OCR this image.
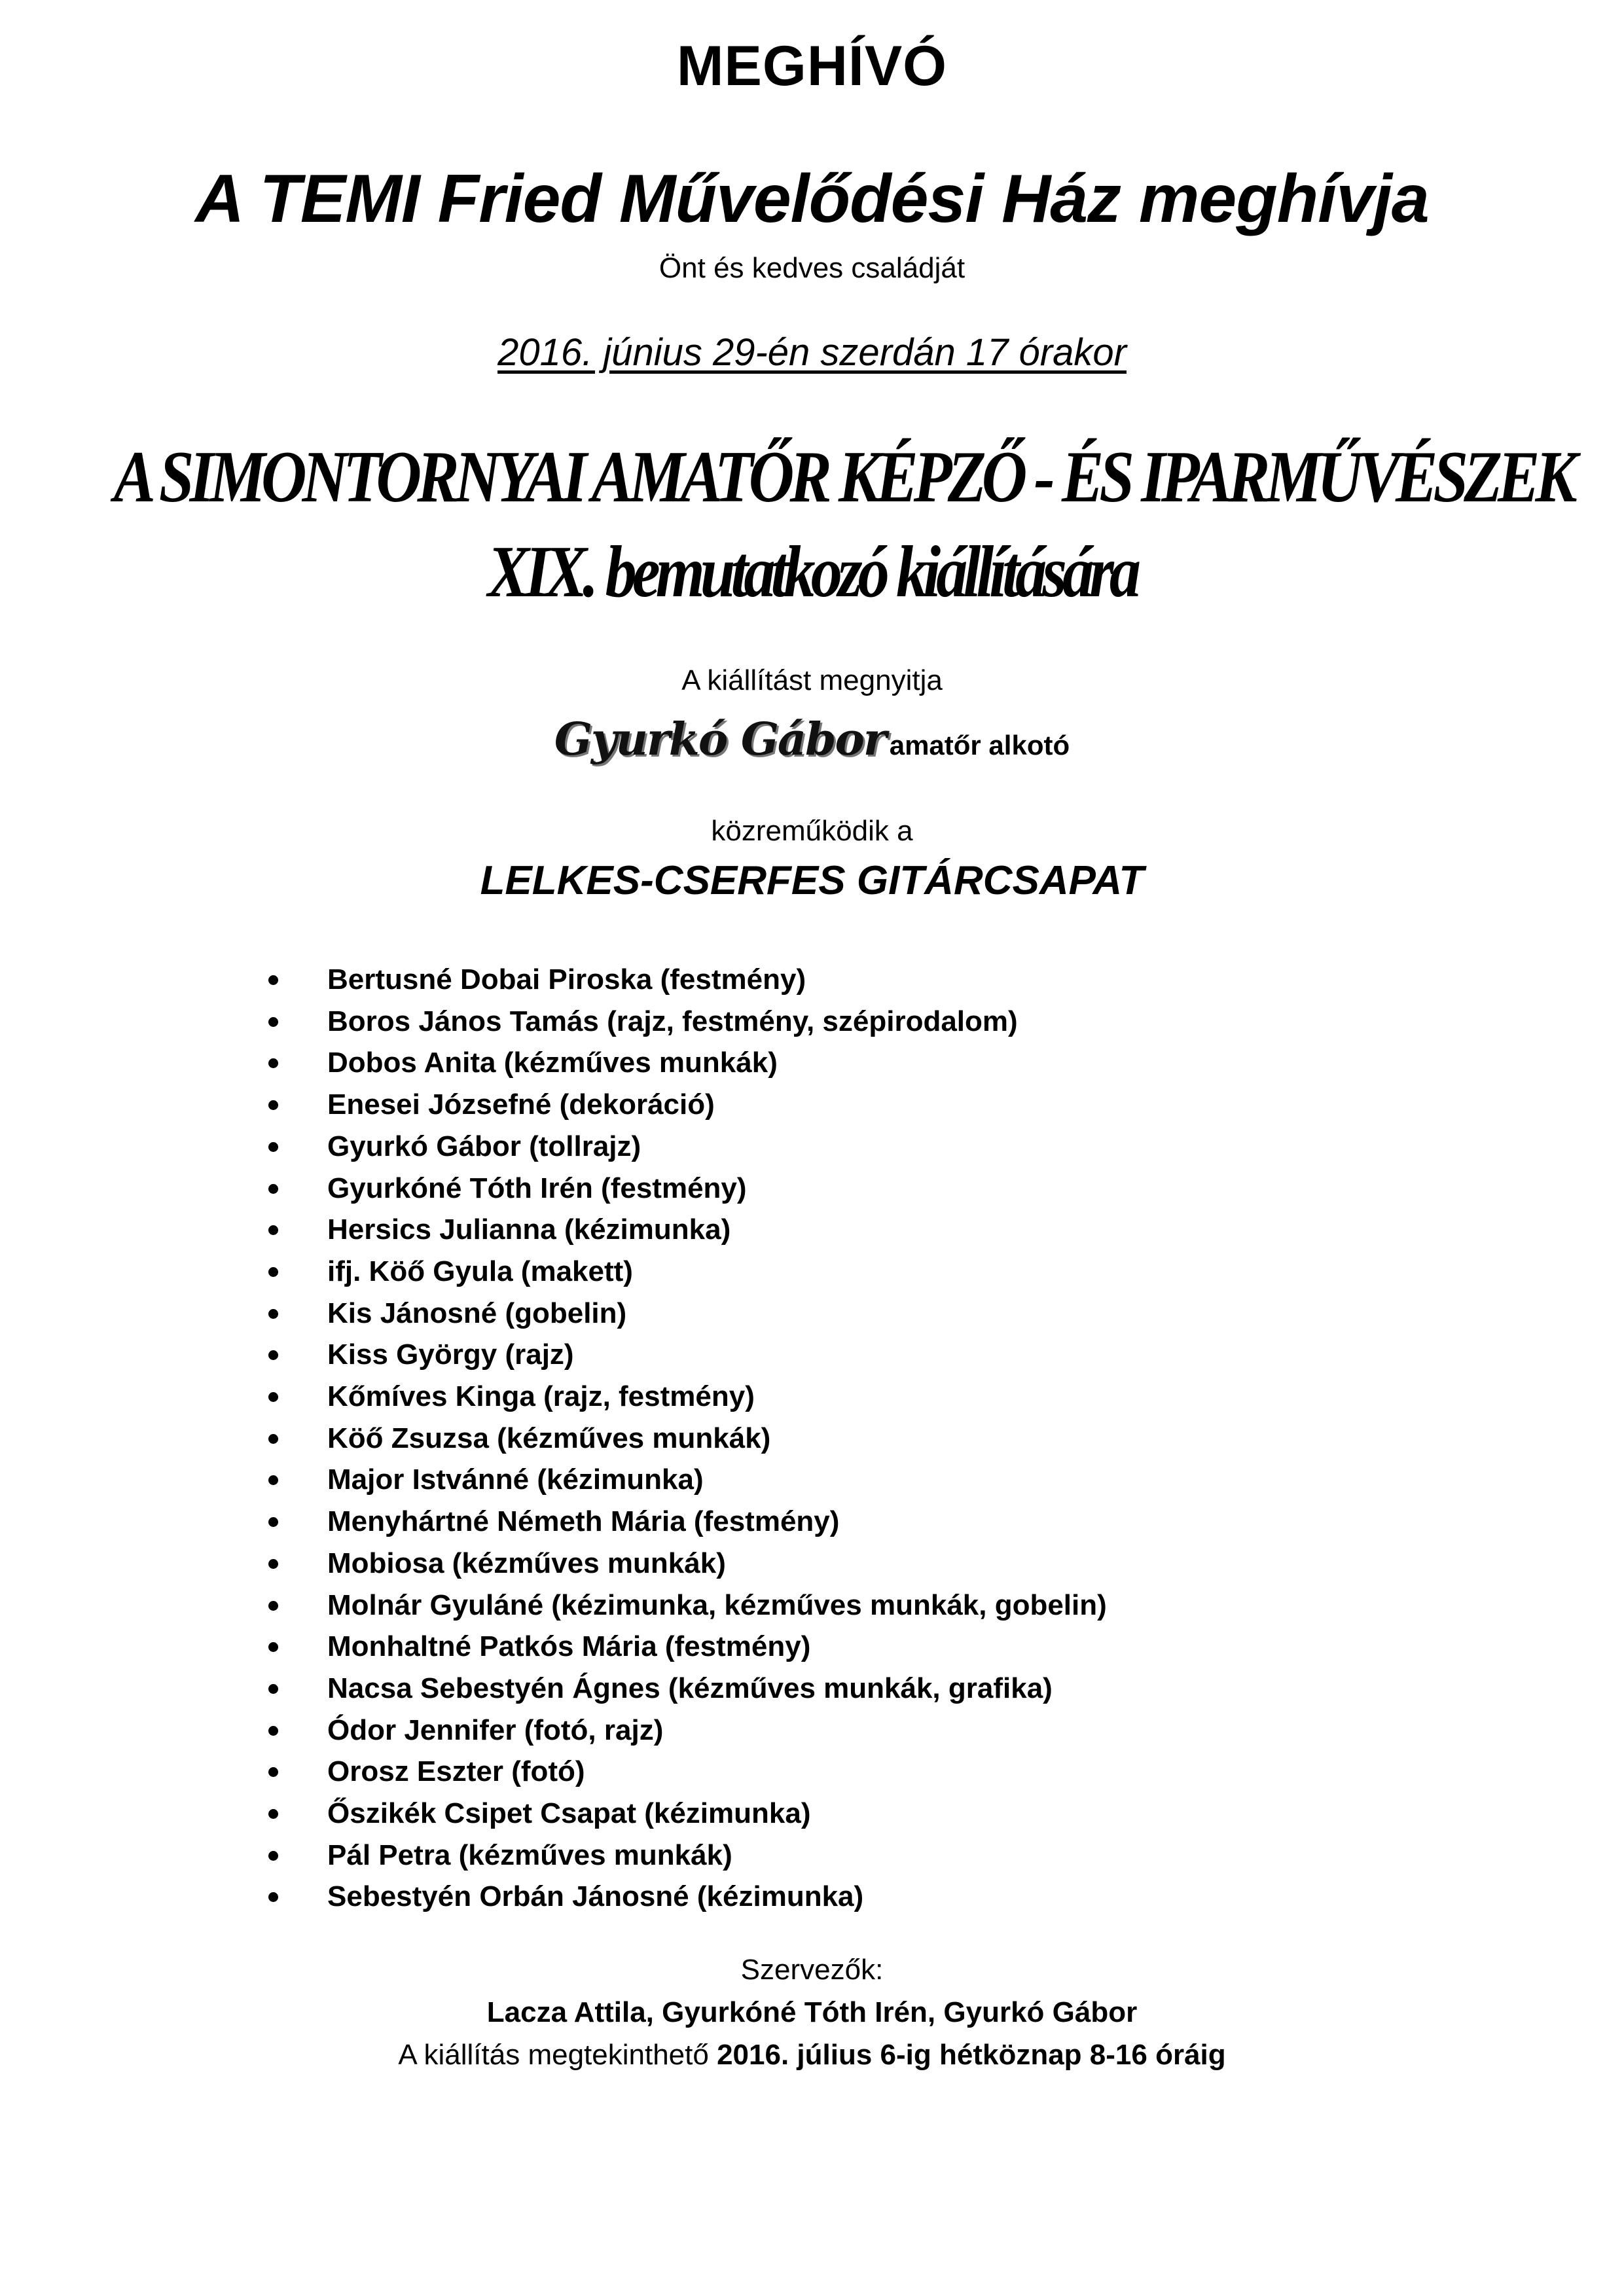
MEGHÍVÓ
A TEMI Fried Művelődési Ház meghívja
Önt és kedves családját
2016. június 29-én szerdán 17 órakor
A SIMONTORNYAI AMATŐR KÉPZŐ - ÉS IPARMŰVÉSZEK
XIX. bemutatkozó kiállítására
A kiállítást megnyitja
Gyurkó Gábor amatőr alkotó
közreműködik a
LELKES-CSERFES GITÁRCSAPAT
Bertusné Dobai Piroska (festmény)
Boros János Tamás (rajz, festmény, szépirodalom)
Dobos Anita (kézműves munkák)
Enesei Józsefné (dekoráció)
Gyurkó Gábor (tollrajz)
Gyurkóné Tóth Irén (festmény)
Hersics Julianna (kézimunka)
ifj. Köő Gyula (makett)
Kis Jánosné (gobelin)
Kiss György (rajz)
Kőmíves Kinga (rajz, festmény)
Köő Zsuzsa (kézműves munkák)
Major Istvánné (kézimunka)
Menyhártné Németh Mária (festmény)
Mobiosa (kézműves munkák)
Molnár Gyuláné (kézimunka, kézműves munkák, gobelin)
Monhaltné Patkós Mária (festmény)
Nacsa Sebestyén Ágnes (kézműves munkák, grafika)
Ódor Jennifer (fotó, rajz)
Orosz Eszter (fotó)
Őszikék Csipet Csapat (kézimunka)
Pál Petra (kézműves munkák)
Sebestyén Orbán Jánosné (kézimunka)
Szervezők:
Lacza Attila, Gyurkóné Tóth Irén, Gyurkó Gábor
A kiállítás megtekinthető 2016. július 6-ig hétköznap 8-16 óráig
